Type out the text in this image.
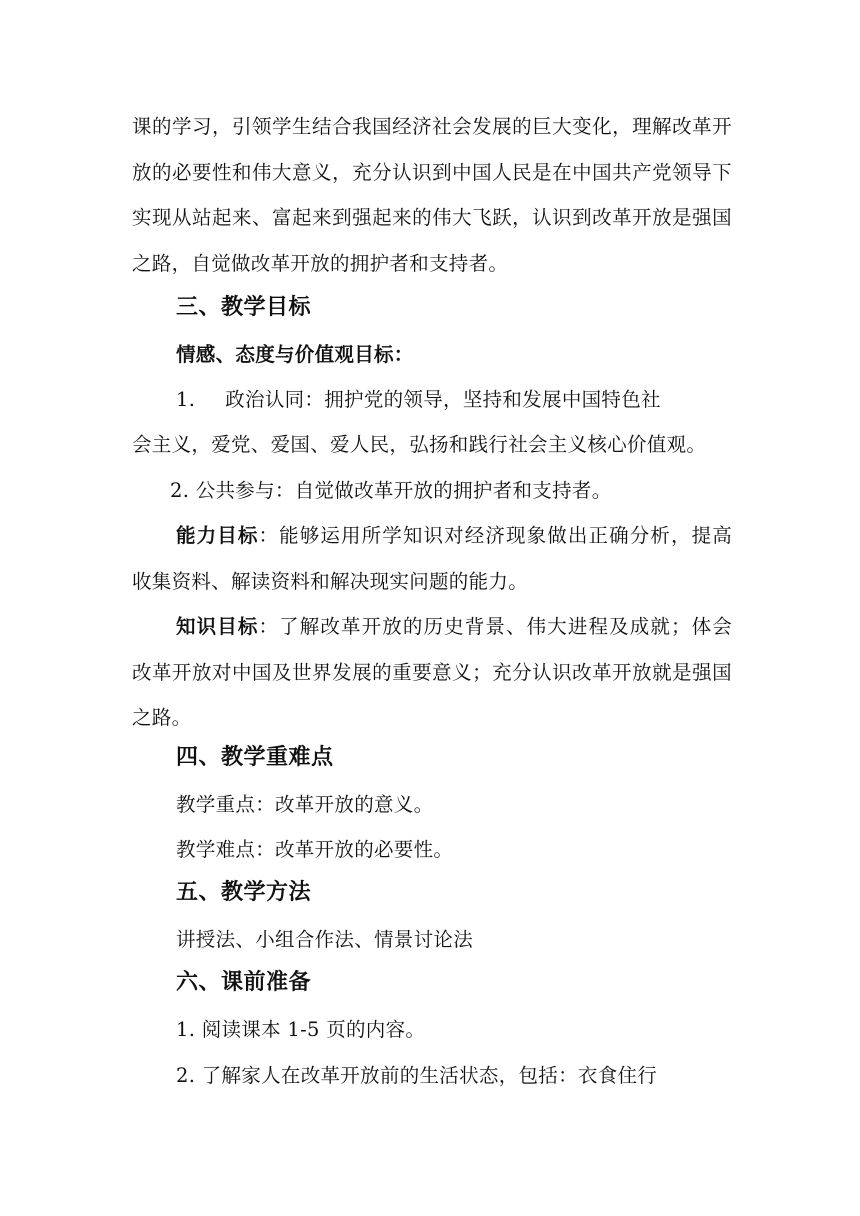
课的学习，引领学生结合我国经济社会发展的巨大变化，理解改革开
放的必要性和伟大意义，充分认识到中国人民是在中国共产党领导下
实现从站起来、富起来到强起来的伟大飞跃，认识到改革开放是强国
之路，自觉做改革开放的拥护者和支持者。
三、教学目标
情感、态度与价值观目标：
1. 政治认同：拥护党的领导，坚持和发展中国特色社
会主义，爱党、爱国、爱人民，弘扬和践行社会主义核心价值观。
2. 公共参与：自觉做改革开放的拥护者和支持者。
能力目标：能够运用所学知识对经济现象做出正确分析，提高
收集资料、解读资料和解决现实问题的能力。
知识目标：了解改革开放的历史背景、伟大进程及成就；体会
改革开放对中国及世界发展的重要意义；充分认识改革开放就是强国
之路。
四、教学重难点
教学重点：改革开放的意义。
教学难点：改革开放的必要性。
五、教学方法
讲授法、小组合作法、情景讨论法
六、课前准备
1. 阅读课本 1-5 页的内容。
2. 了解家人在改革开放前的生活状态，包括：衣食住行
